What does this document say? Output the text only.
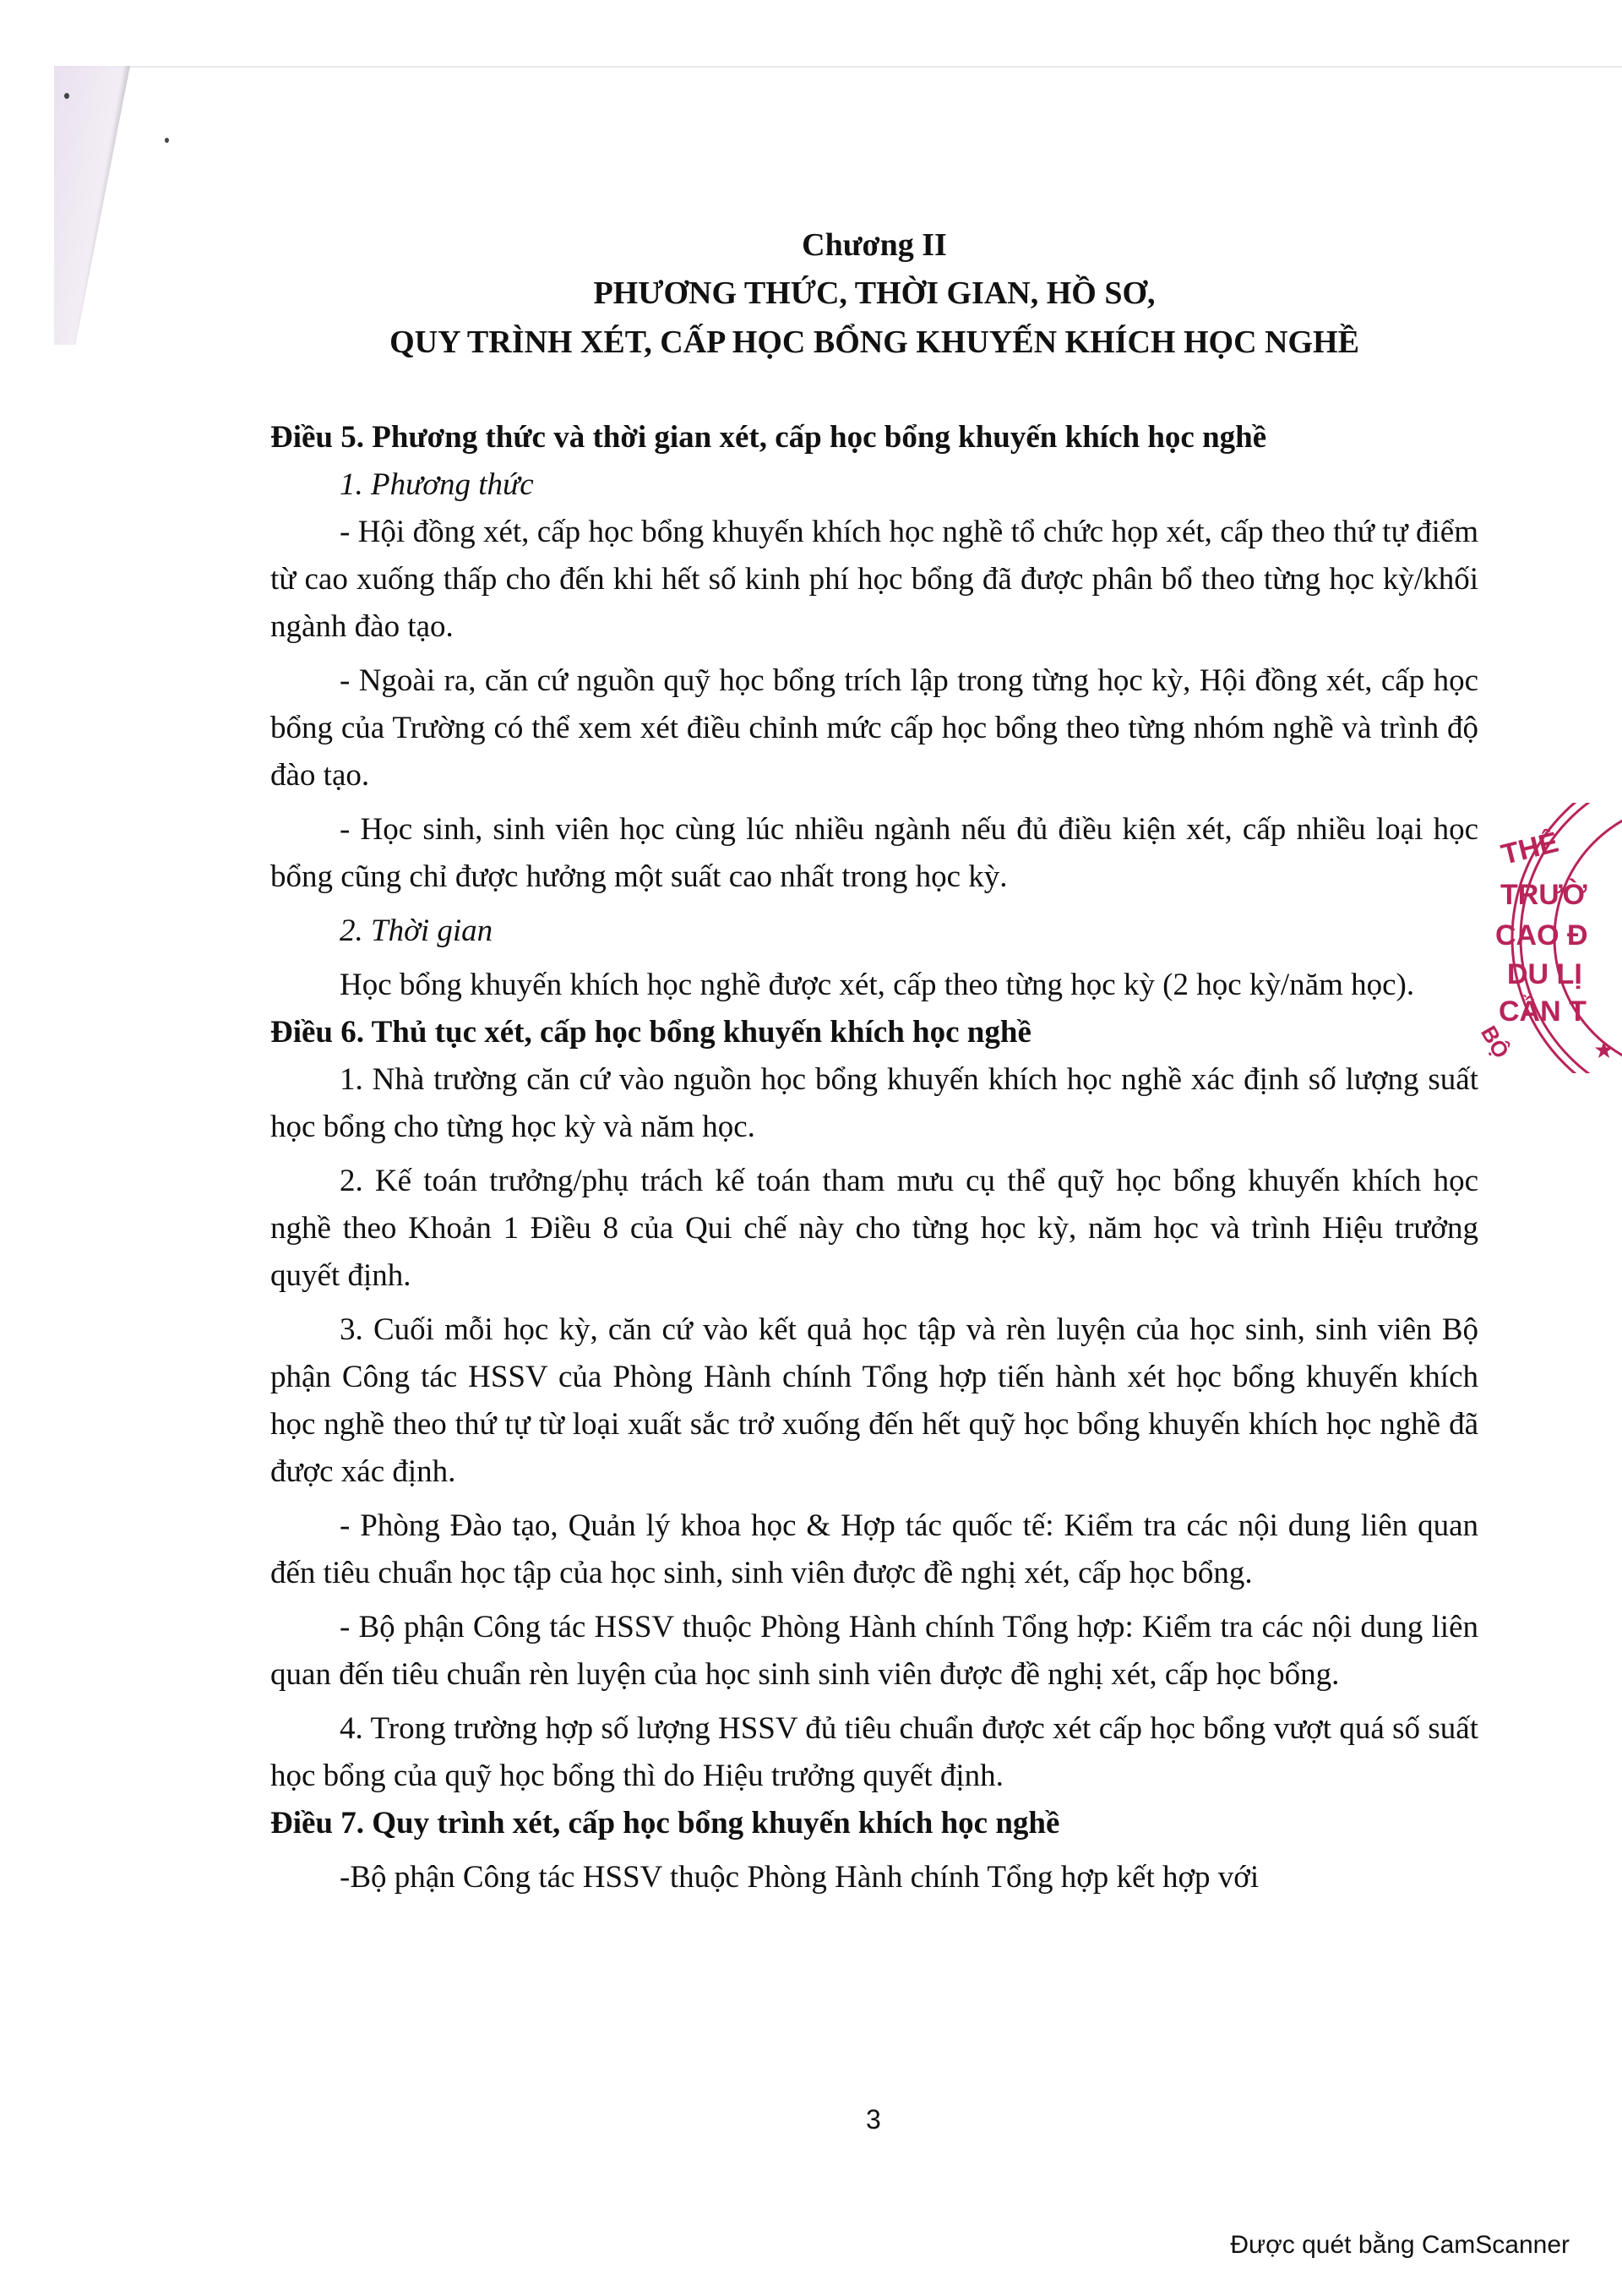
Chương II

PHƯƠNG THỨC, THỜI GIAN, HỒ SƠ,

QUY TRÌNH XÉT, CẤP HỌC BỔNG KHUYẾN KHÍCH HỌC NGHỀ

Điều 5. Phương thức và thời gian xét, cấp học bổng khuyến khích học nghề

1. Phương thức

- Hội đồng xét, cấp học bổng khuyến khích học nghề tổ chức họp xét, cấp theo thứ tự điểm từ cao xuống thấp cho đến khi hết số kinh phí học bổng đã được phân bổ theo từng học kỳ/khối ngành đào tạo.

- Ngoài ra, căn cứ nguồn quỹ học bổng trích lập trong từng học kỳ, Hội đồng xét, cấp học bổng của Trường có thể xem xét điều chỉnh mức cấp học bổng theo từng nhóm nghề và trình độ đào tạo.

- Học sinh, sinh viên học cùng lúc nhiều ngành nếu đủ điều kiện xét, cấp nhiều loại học bổng cũng chỉ được hưởng một suất cao nhất trong học kỳ.

2. Thời gian

Học bổng khuyến khích học nghề được xét, cấp theo từng học kỳ (2 học kỳ/năm học).

Điều 6. Thủ tục xét, cấp học bổng khuyến khích học nghề

1. Nhà trường căn cứ vào nguồn học bổng khuyến khích học nghề xác định số lượng suất học bổng cho từng học kỳ và năm học.

2. Kế toán trưởng/phụ trách kế toán tham mưu cụ thể quỹ học bổng khuyến khích học nghề theo Khoản 1 Điều 8 của Qui chế này cho từng học kỳ, năm học và trình Hiệu trưởng quyết định.

3. Cuối mỗi học kỳ, căn cứ vào kết quả học tập và rèn luyện của học sinh, sinh viên Bộ phận Công tác HSSV của Phòng Hành chính Tổng hợp tiến hành xét học bổng khuyến khích học nghề theo thứ tự từ loại xuất sắc trở xuống đến hết quỹ học bổng khuyến khích học nghề đã được xác định.

- Phòng Đào tạo, Quản lý khoa học & Hợp tác quốc tế: Kiểm tra các nội dung liên quan đến tiêu chuẩn học tập của học sinh, sinh viên được đề nghị xét, cấp học bổng.

- Bộ phận Công tác HSSV thuộc Phòng Hành chính Tổng hợp: Kiểm tra các nội dung liên quan đến tiêu chuẩn rèn luyện của học sinh sinh viên được đề nghị xét, cấp học bổng.

4. Trong trường hợp số lượng HSSV đủ tiêu chuẩn được xét cấp học bổng vượt quá số suất học bổng của quỹ học bổng thì do Hiệu trưởng quyết định.

Điều 7. Quy trình xét, cấp học bổng khuyến khích học nghề

-Bộ phận Công tác HSSV thuộc Phòng Hành chính Tổng hợp kết hợp với

3
THẾ
TRƯỜ
CAO Đ
DU LỊ
CẦN T
BỘ	★
Được quét bằng CamScanner
